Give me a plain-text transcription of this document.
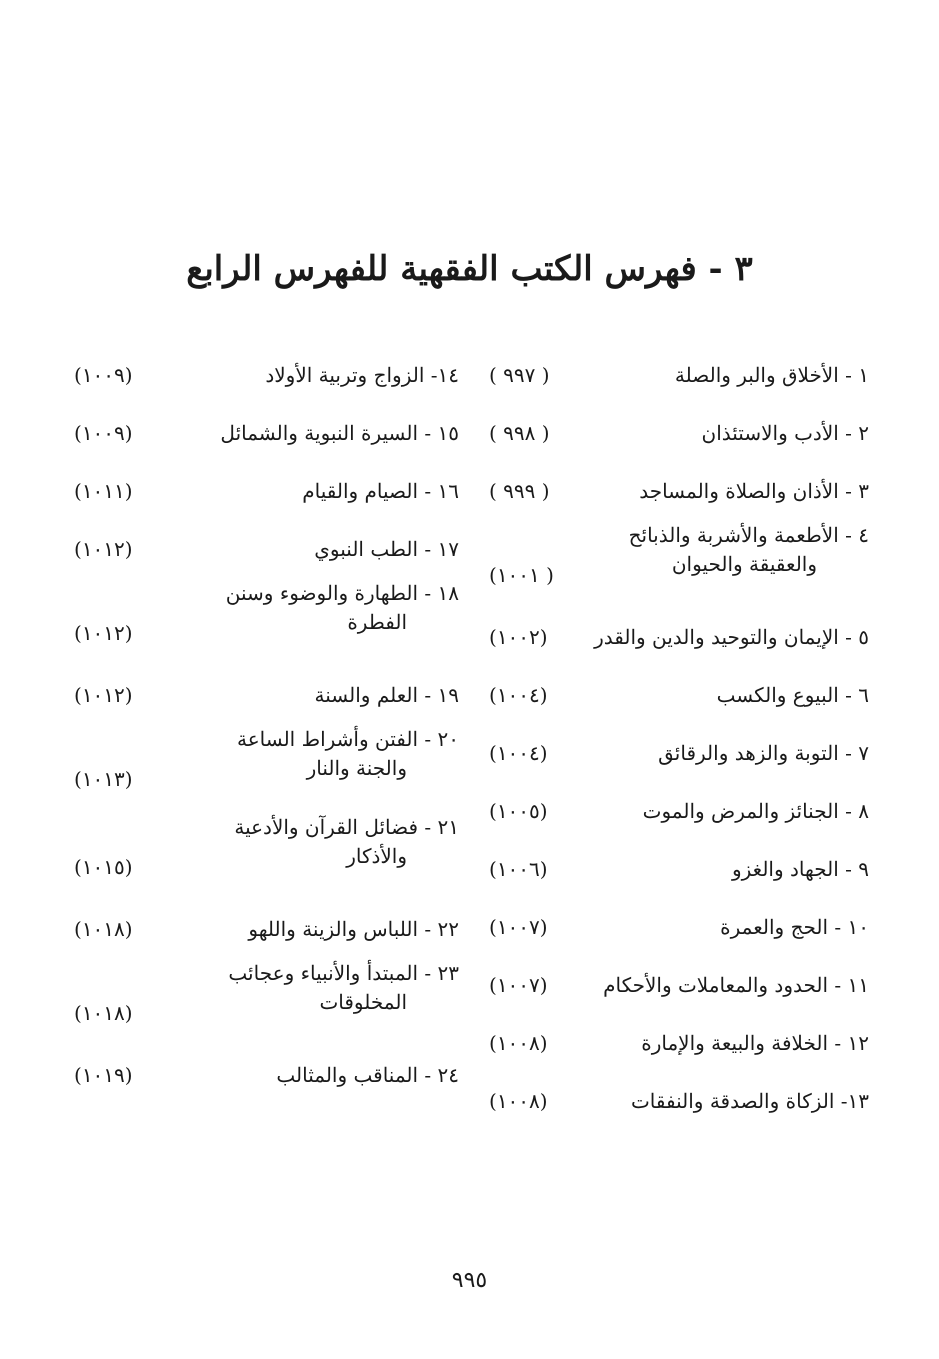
٣ - فهرس الكتب الفقهية للفهرس الرابع
١ - الأخلاق والبر والصلة
( ٩٩٧ )
٢ - الأدب والاستئذان
( ٩٩٨ )
٣ - الأذان والصلاة والمساجد
( ٩٩٩ )
٤ - الأطعمة والأشربة والذبائح
والعقيقة والحيوان
(١٠٠١ )
٥ - الإيمان والتوحيد والدين والقدر
(١٠٠٢)
٦ - البيوع والكسب
(١٠٠٤)
٧ - التوبة والزهد والرقائق
(١٠٠٤)
٨ - الجنائز والمرض والموت
(١٠٠٥)
٩ - الجهاد والغزو
(١٠٠٦)
١٠ - الحج والعمرة
(١٠٠٧)
١١ - الحدود والمعاملات والأحكام
(١٠٠٧)
١٢ - الخلافة والبيعة والإمارة
(١٠٠٨)
١٣- الزكاة والصدقة والنفقات
(١٠٠٨)
١٤- الزواج وتربية الأولاد
(١٠٠٩)
١٥ - السيرة النبوية والشمائل
(١٠٠٩)
١٦ - الصيام والقيام
(١٠١١)
١٧ - الطب النبوي
(١٠١٢)
١٨ - الطهارة والوضوء وسنن
الفطرة
(١٠١٢)
١٩ - العلم والسنة
(١٠١٢)
٢٠ - الفتن وأشراط الساعة
والجنة والنار
(١٠١٣)
٢١ - فضائل القرآن والأدعية
والأذكار
(١٠١٥)
٢٢ - اللباس والزينة واللهو
(١٠١٨)
٢٣ - المبتدأ والأنبياء وعجائب
المخلوقات
(١٠١٨)
٢٤ - المناقب والمثالب
(١٠١٩)
٩٩٥
